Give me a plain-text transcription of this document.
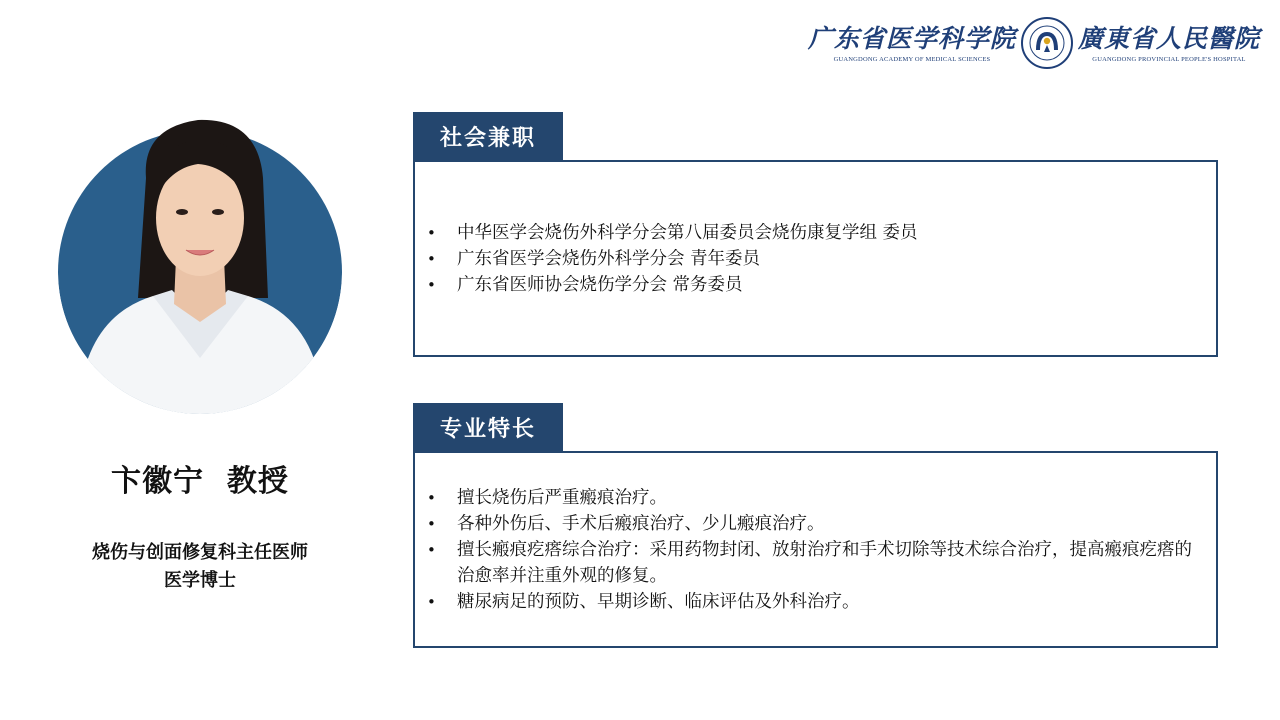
广东省医学科学院
GUANGDONG ACADEMY OF MEDICAL SCIENCES
廣東省人民醫院
GUANGDONG PROVINCIAL PEOPLE'S HOSPITAL
卞徽宁  教授
烧伤与创面修复科主任医师
医学博士
• 中华医学会烧伤外科学分会第八届委员会烧伤康复学组 委员
• 广东省医学会烧伤外科学分会 青年委员
• 广东省医师协会烧伤学分会 常务委员
社会兼职
• 擅长烧伤后严重瘢痕治疗。
• 各种外伤后、手术后瘢痕治疗、少儿瘢痕治疗。
• 擅长瘢痕疙瘩综合治疗：采用药物封闭、放射治疗和手术切除等技术综合治疗，提高瘢痕疙瘩的治愈率并注重外观的修复。
• 糖尿病足的预防、早期诊断、临床评估及外科治疗。
专业特长
